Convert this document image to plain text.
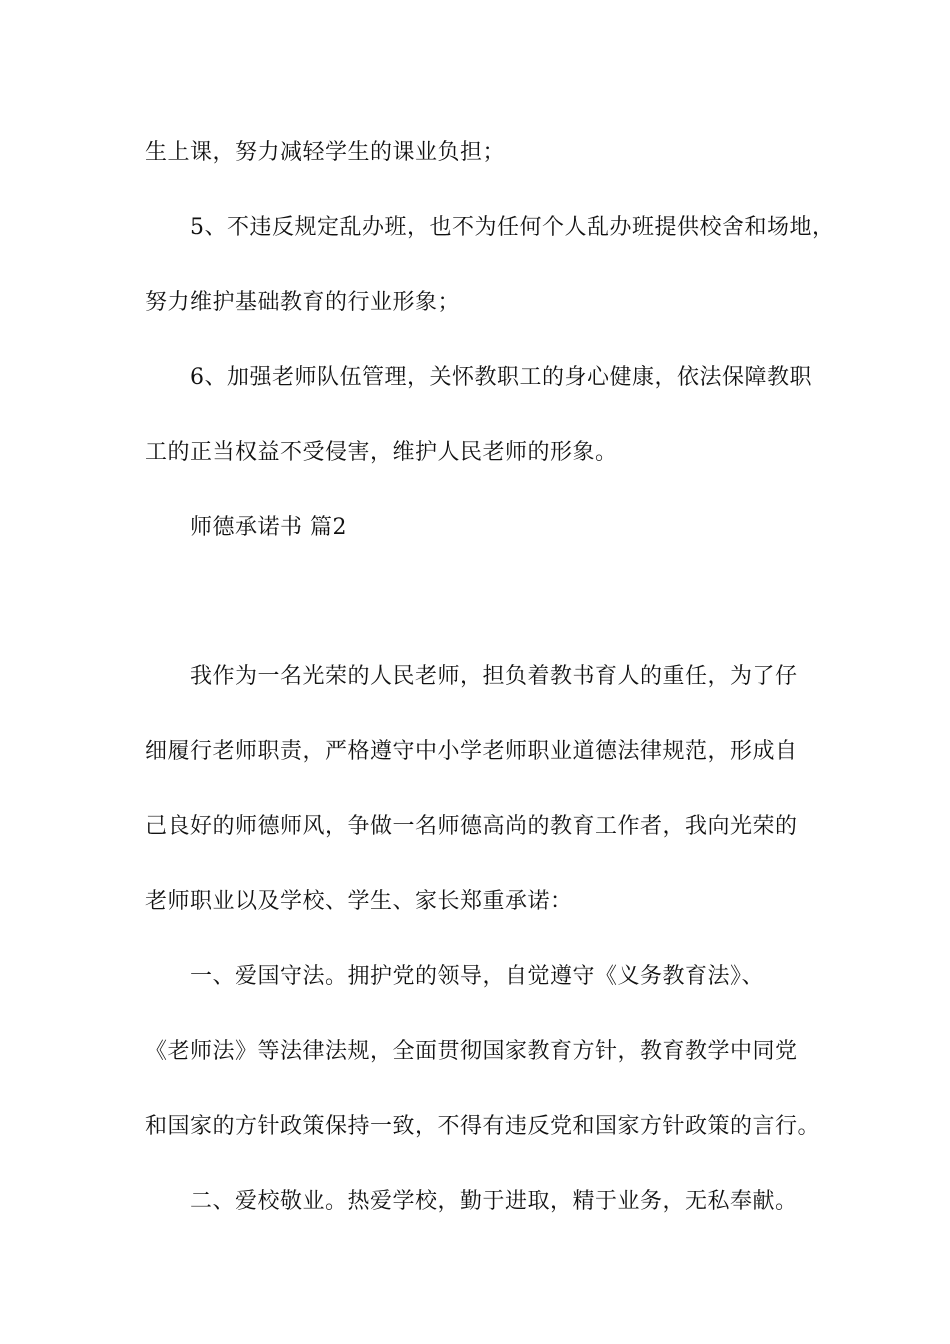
生上课，努力减轻学生的课业负担；
5、不违反规定乱办班，也不为任何个人乱办班提供校舍和场地，
努力维护基础教育的行业形象；
6、加强老师队伍管理，关怀教职工的身心健康，依法保障教职
工的正当权益不受侵害，维护人民老师的形象。
师德承诺书 篇2
我作为一名光荣的人民老师，担负着教书育人的重任，为了仔
细履行老师职责，严格遵守中小学老师职业道德法律规范，形成自
己良好的师德师风，争做一名师德高尚的教育工作者，我向光荣的
老师职业以及学校、学生、家长郑重承诺：
一、爱国守法。拥护党的领导，自觉遵守《义务教育法》、
《老师法》等法律法规，全面贯彻国家教育方针，教育教学中同党
和国家的方针政策保持一致，不得有违反党和国家方针政策的言行。
二、爱校敬业。热爱学校，勤于进取，精于业务，无私奉献。
